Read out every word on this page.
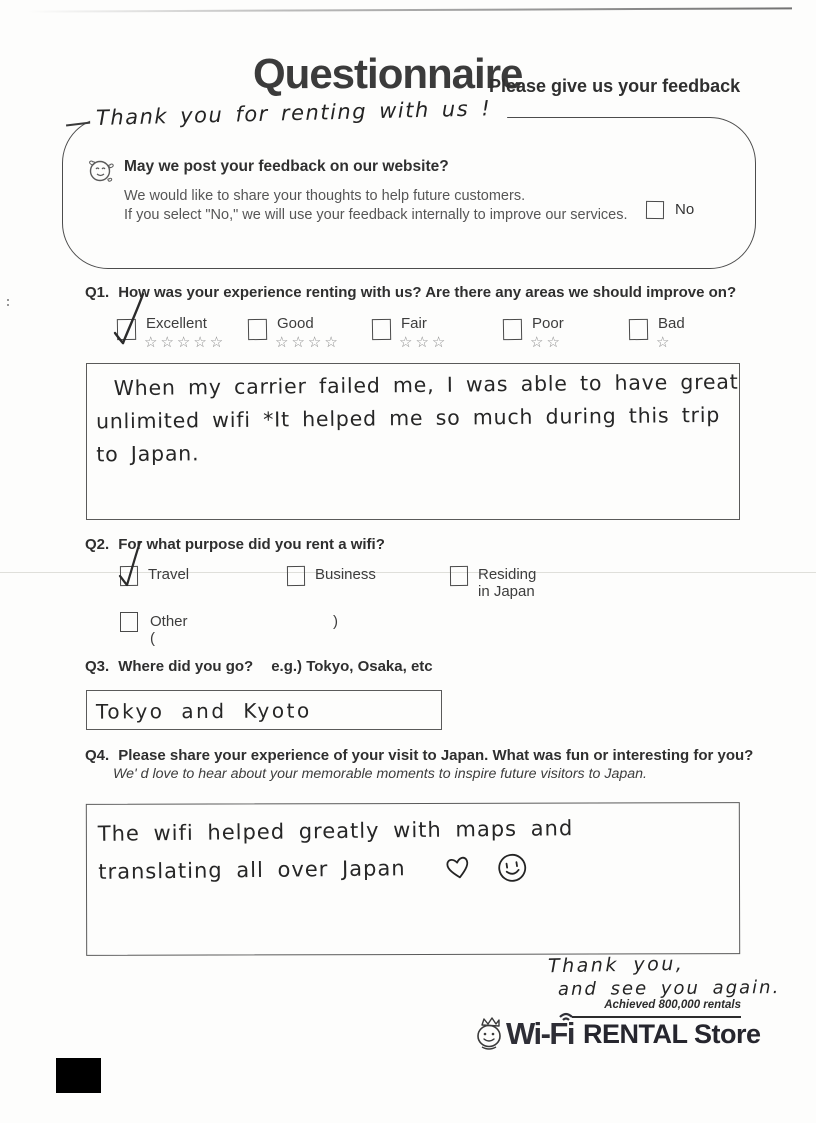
Questionnaire
Please give us your feedback
Thank you for renting with us !
May we post your feedback on our website?
We would like to share your thoughts to help future customers.
If you select "No," we will use your feedback internally to improve our services.	No
Q1. How was your experience renting with us? Are there any areas we should improve on?
Excellent
☆☆☆☆☆
Good
☆☆☆☆
Fair
☆☆☆
Poor
☆☆
Bad
☆
When my carrier failed me, I was able to have great
unlimited wifi *It helped me so much during this trip
to Japan.
Q2. For what purpose did you rent a wifi?
Travel	Business	Residing in Japan
Other (
)
Q3. Where did you go? e.g.) Tokyo, Osaka, etc
Tokyo and Kyoto
Q4. Please share your experience of your visit to Japan. What was fun or interesting for you?
We' d love to hear about your memorable moments to inspire future visitors to Japan.
The wifi helped greatly with maps and
translating all over Japan
Thank you,
and see you again.
Achieved 800,000 rentals
Wi-Fi RENTAL Store
